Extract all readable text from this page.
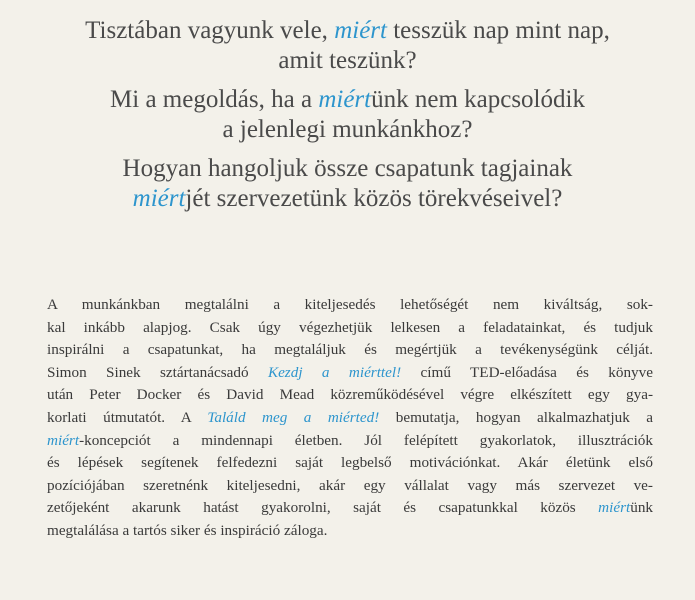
Tisztában vagyunk vele, miért tesszük nap mint nap,
amit teszünk?

Mi a megoldás, ha a miértünk nem kapcsolódik
a jelenlegi munkánkhoz?

Hogyan hangoljuk össze csapatunk tagjainak
miértjét szervezetünk közös törekvéseivel?

A munkánkban megtalálni a kiteljesedés lehetőségét nem kiváltság, sok-
kal inkább alapjog. Csak úgy végezhetjük lelkesen a feladatainkat, és tudjuk
inspirálni a csapatunkat, ha megtaláljuk és megértjük a tevékenységünk célját.
Simon Sinek sztártanácsadó Kezdj a miérttel! című TED-előadása és könyve
után Peter Docker és David Mead közreműködésével végre elkészített egy gya-
korlati útmutatót. A Találd meg a miérted! bemutatja, hogyan alkalmazhatjuk a
miért-koncepciót a mindennapi életben. Jól felépített gyakorlatok, illusztrációk
és lépések segítenek felfedezni saját legbelső motivációnkat. Akár életünk első
pozíciójában szeretnénk kiteljesedni, akár egy vállalat vagy más szervezet ve-
zetőjeként akarunk hatást gyakorolni, saját és csapatunkkal közös miértünk
megtalálása a tartós siker és inspiráció záloga.
